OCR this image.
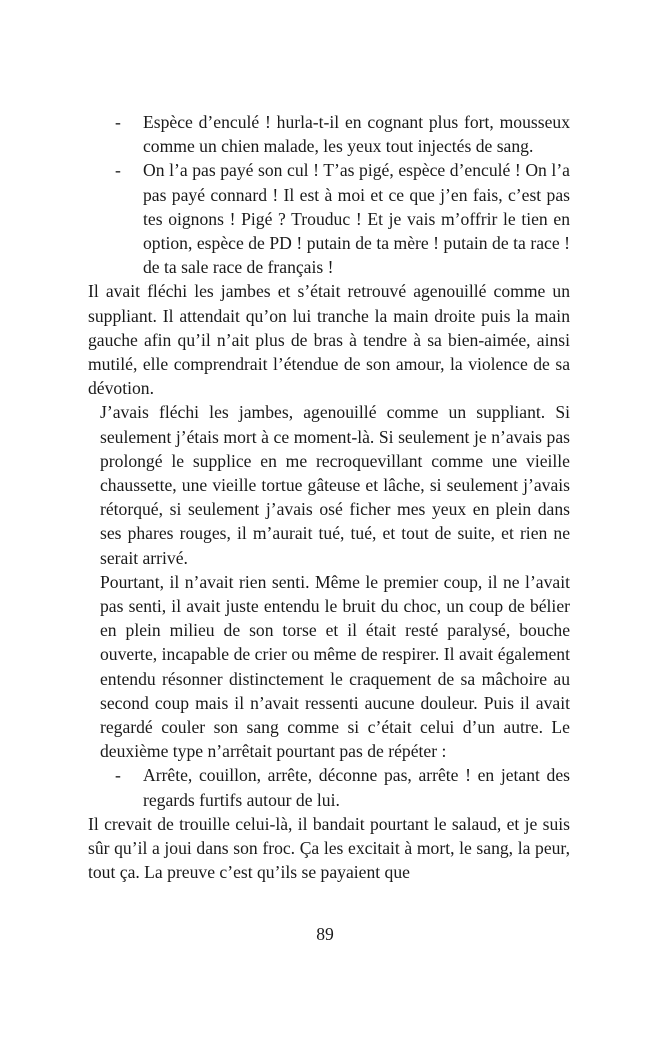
- Espèce d’enculé ! hurla-t-il en cognant plus fort, mousseux comme un chien malade, les yeux tout injectés de sang.
- On l’a pas payé son cul ! T’as pigé, espèce d’enculé ! On l’a pas payé connard ! Il est à moi et ce que j’en fais, c’est pas tes oignons ! Pigé ? Trouduc ! Et je vais m’offrir le tien en option, espèce de PD ! putain de ta mère ! putain de ta race ! de ta sale race de français !

Il avait fléchi les jambes et s’était retrouvé agenouillé comme un suppliant. Il attendait qu’on lui tranche la main droite puis la main gauche afin qu’il n’ait plus de bras à tendre à sa bien-aimée, ainsi mutilé, elle comprendrait l’étendue de son amour, la violence de sa dévotion.

J’avais fléchi les jambes, agenouillé comme un suppliant. Si seulement j’étais mort à ce moment-là. Si seulement je n’avais pas prolongé le supplice en me recroquevillant comme une vieille chaussette, une vieille tortue gâteuse et lâche, si seulement j’avais rétorqué, si seulement j’avais osé ficher mes yeux en plein dans ses phares rouges, il m’aurait tué, tué, et tout de suite, et rien ne serait arrivé.

Pourtant, il n’avait rien senti. Même le premier coup, il ne l’avait pas senti, il avait juste entendu le bruit du choc, un coup de bélier en plein milieu de son torse et il était resté paralysé, bouche ouverte, incapable de crier ou même de respirer. Il avait également entendu résonner distinctement le craquement de sa mâchoire au second coup mais il n’avait ressenti aucune douleur. Puis il avait regardé couler son sang comme si c’était celui d’un autre. Le deuxième type n’arrêtait pourtant pas de répéter :

- Arrête, couillon, arrête, déconne pas, arrête ! en jetant des regards furtifs autour de lui.

Il crevait de trouille celui-là, il bandait pourtant le salaud, et je suis sûr qu’il a joui dans son froc. Ça les excitait à mort, le sang, la peur, tout ça. La preuve c’est qu’ils se payaient que

89
